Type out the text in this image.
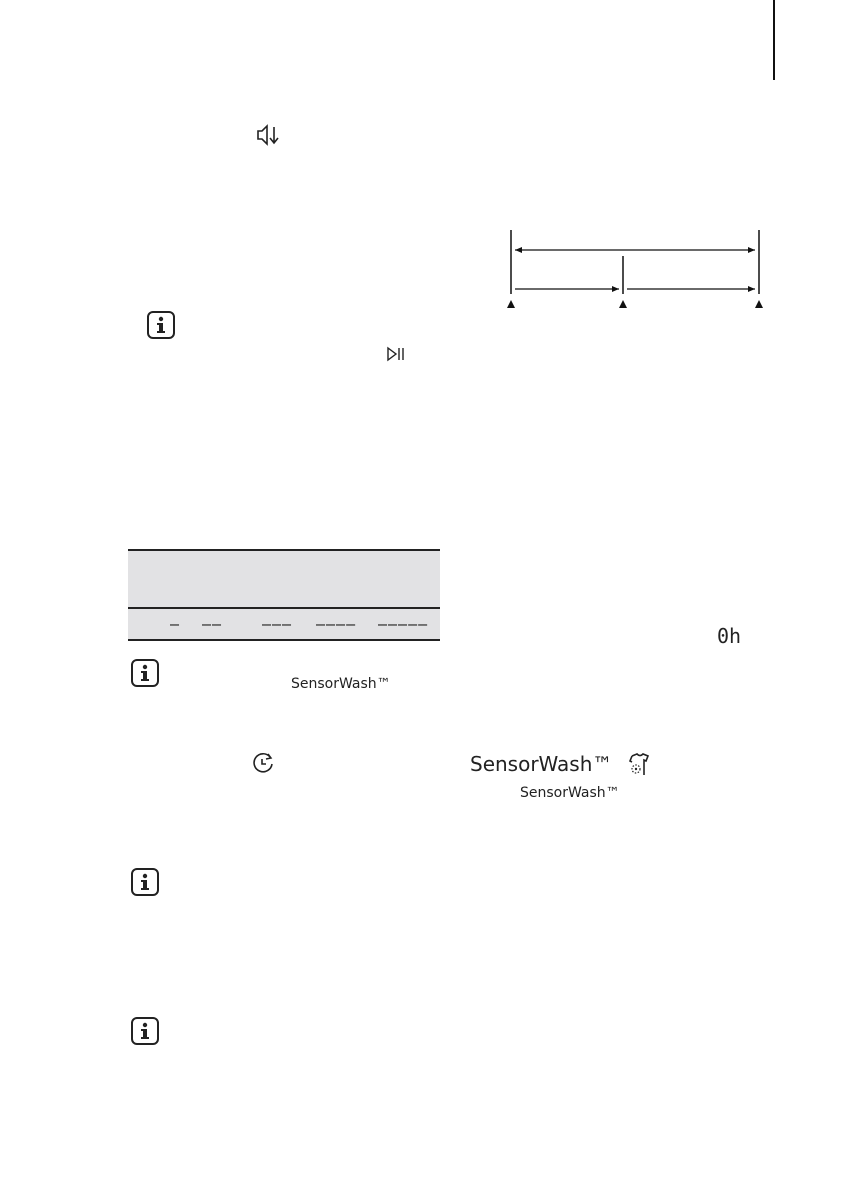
– ––	––– –––– –––––	0h
SensorWash™
SensorWash™
SensorWash™
